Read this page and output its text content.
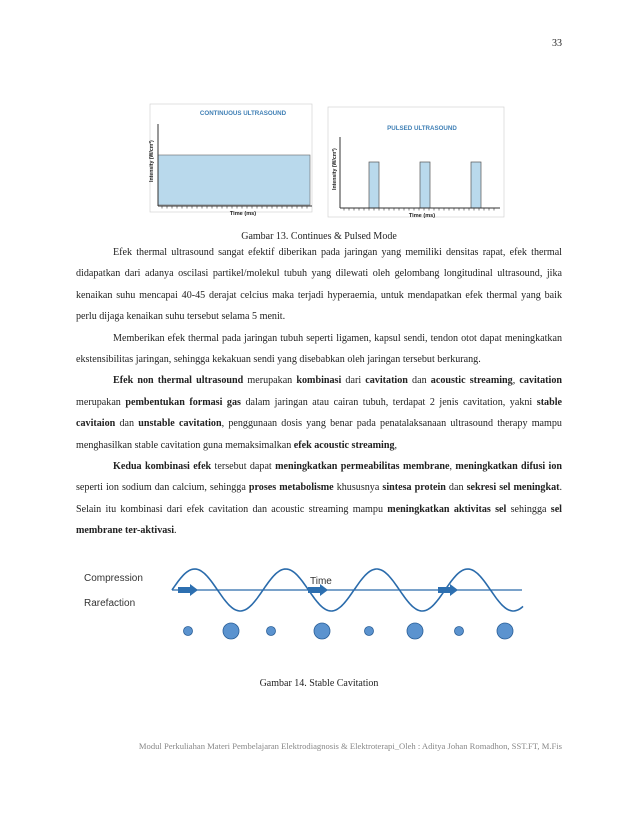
33
CONTINUOUS ULTRASOUND
Intensity (W/cm²)
Time (ms)
PULSED ULTRASOUND
Intensity (W/cm²)
Time (ms)
Gambar 13. Continues & Pulsed Mode

Efek thermal ultrasound sangat efektif diberikan pada jaringan yang memiliki densitas rapat, efek thermal didapatkan dari adanya oscilasi partikel/molekul tubuh yang dilewati oleh gelombang longitudinal ultrasound, jika kenaikan suhu mencapai 40-45 derajat celcius maka terjadi hyperaemia, untuk mendapatkan efek thermal yang baik perlu dijaga kenaikan suhu tersebut selama 5 menit.

Memberikan efek thermal pada jaringan tubuh seperti ligamen, kapsul sendi, tendon otot dapat meningkatkan ekstensibilitas jaringan, sehingga kekakuan sendi yang disebabkan oleh jaringan tersebut berkurang.

Efek non thermal ultrasound merupakan kombinasi dari cavitation dan acoustic streaming, cavitation merupakan pembentukan formasi gas dalam jaringan atau cairan tubuh, terdapat 2 jenis cavitation, yakni stable cavitaion dan unstable cavitation, penggunaan dosis yang benar pada penatalaksanaan ultrasound therapy mampu menghasilkan stable cavitation guna memaksimalkan efek acoustic streaming,

Kedua kombinasi efek tersebut dapat meningkatkan permeabilitas membrane, meningkatkan difusi ion seperti ion sodium dan calcium, sehingga proses metabolisme khususnya sintesa protein dan sekresi sel meningkat. Selain itu kombinasi dari efek cavitation dan acoustic streaming mampu meningkatkan aktivitas sel sehingga sel membrane ter-aktivasi.

Compression
Rarefaction
Time
Gambar 14. Stable Cavitation
Modul Perkuliahan Materi Pembelajaran Elektrodiagnosis & Elektroterapi_Oleh : Aditya Johan Romadhon, SST.FT, M.Fis
